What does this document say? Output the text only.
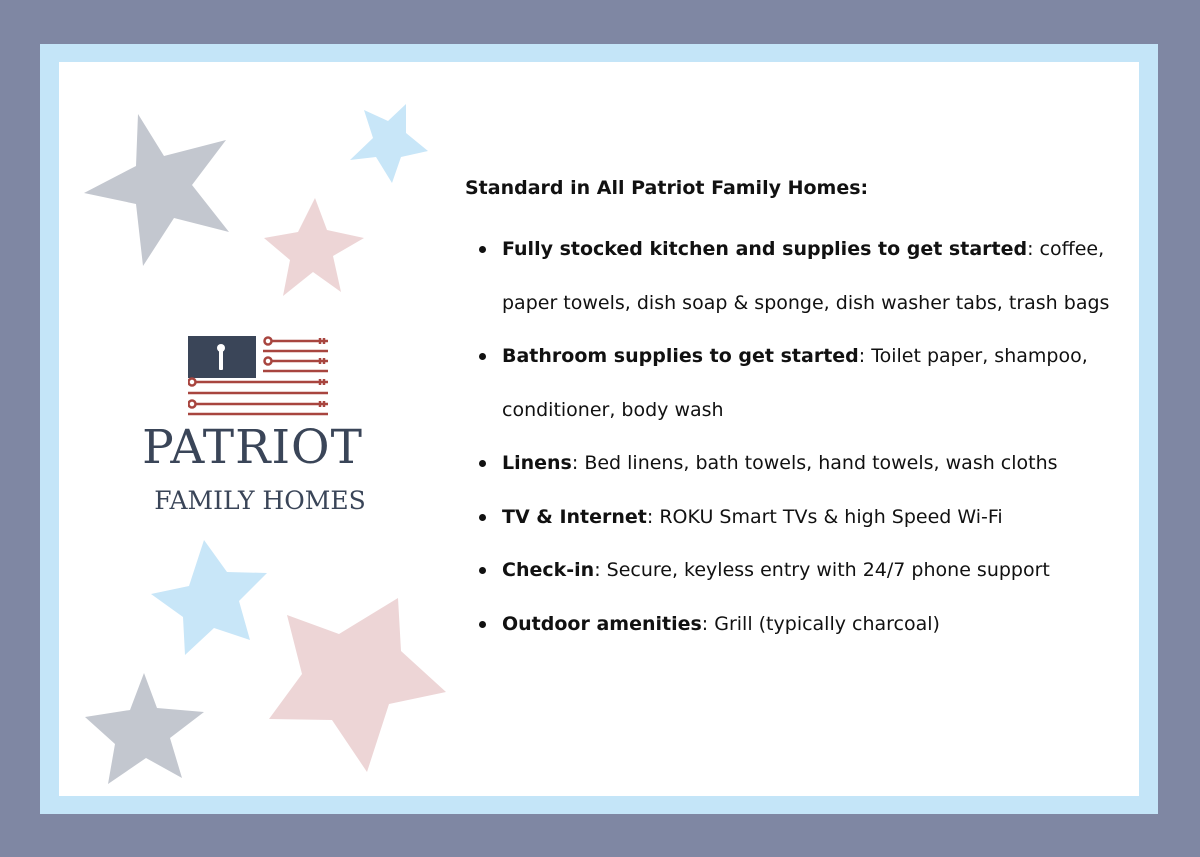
PATRIOT
FAMILY HOMES
Standard in All Patriot Family Homes:
Fully stocked kitchen and supplies to get started: coffee, paper towels, dish soap & sponge, dish washer tabs, trash bags
Bathroom supplies to get started: Toilet paper, shampoo, conditioner, body wash
Linens: Bed linens, bath towels, hand towels, wash cloths
TV & Internet: ROKU Smart TVs & high Speed Wi-Fi
Check-in: Secure, keyless entry with 24/7 phone support
Outdoor amenities: Grill (typically charcoal)
